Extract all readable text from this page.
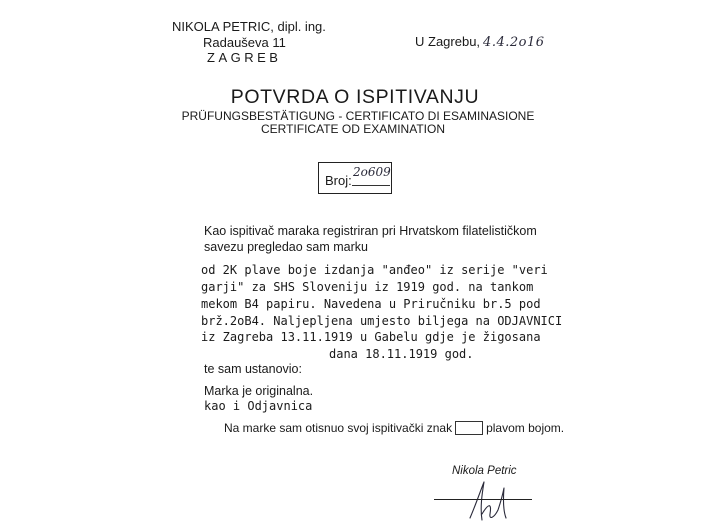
NIKOLA PETRIC, dipl. ing.
Radauševa 11
ZAGREB
U Zagrebu, 4.4.2o16
POTVRDA O ISPITIVANJU
PRÜFUNGSBESTÄTIGUNG - CERTIFICATO DI ESAMINASIONE
CERTIFICATE OD EXAMINATION
Broj:
2o609
Kao ispitivač maraka registriran pri Hrvatskom filatelističkom
savezu pregledao sam marku
od 2K plave boje izdanja "anđeo" iz serije "veri
garji" za SHS Sloveniju iz 1919 god. na tankom
mekom B4 papiru. Navedena u Priručniku br.5 pod
brž.2oB4. Naljepljena umjesto biljega na ODJAVNICI
iz Zagreba 13.11.1919 u Gabelu gdje je žigosana
dana 18.11.1919 god.
te sam ustanovio:
Marka je originalna.
kao i Odjavnica
Na marke sam otisnuo svoj ispitivački znak	plavom bojom.
Nikola Petric
